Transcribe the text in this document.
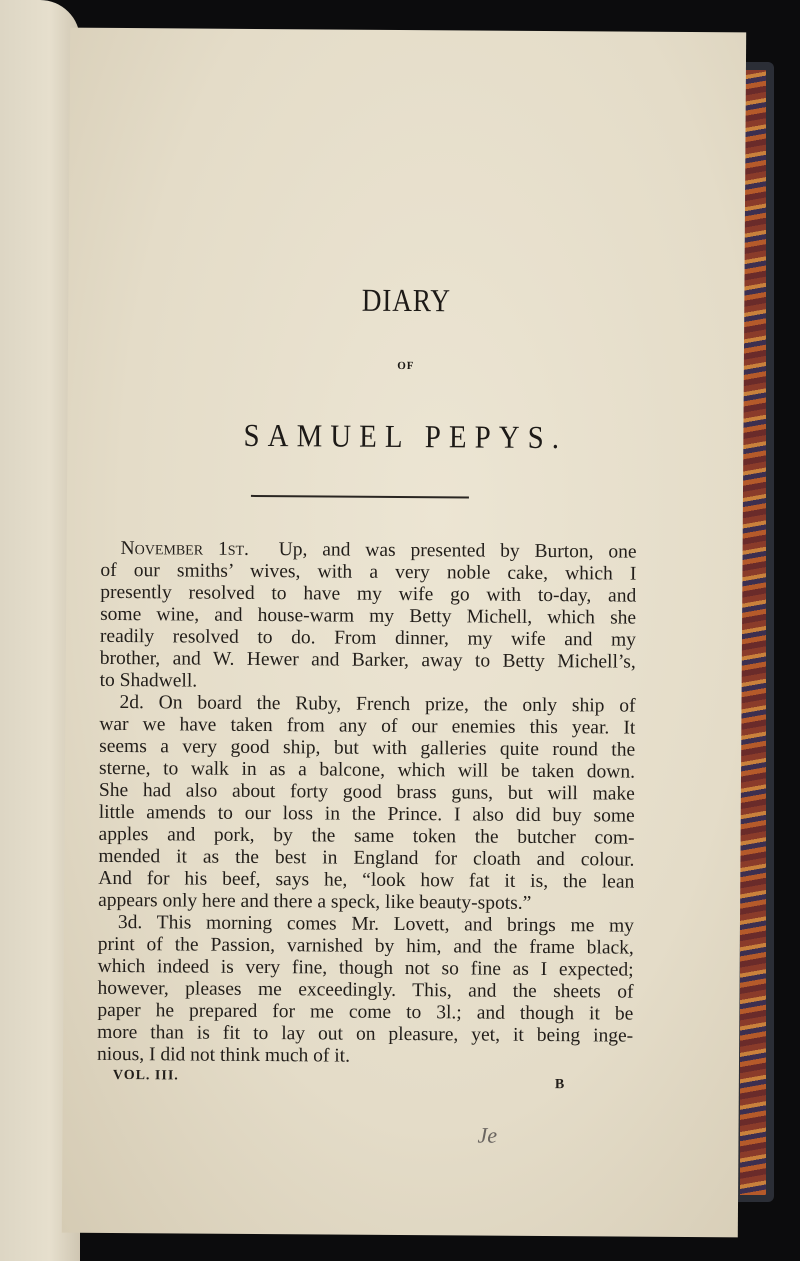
DIARY
OF
SAMUEL PEPYS.
November 1st. Up, and was presented by Burton, one
of our smiths’ wives, with a very noble cake, which I
presently resolved to have my wife go with to-day, and
some wine, and house-warm my Betty Michell, which she
readily resolved to do. From dinner, my wife and my
brother, and W. Hewer and Barker, away to Betty Michell’s,
to Shadwell.
2d. On board the Ruby, French prize, the only ship of
war we have taken from any of our enemies this year. It
seems a very good ship, but with galleries quite round the
sterne, to walk in as a balcone, which will be taken down.
She had also about forty good brass guns, but will make
little amends to our loss in the Prince. I also did buy some
apples and pork, by the same token the butcher com-
mended it as the best in England for cloath and colour.
And for his beef, says he, “look how fat it is, the lean
appears only here and there a speck, like beauty-spots.”
3d. This morning comes Mr. Lovett, and brings me my
print of the Passion, varnished by him, and the frame black,
which indeed is very fine, though not so fine as I expected;
however, pleases me exceedingly. This, and the sheets of
paper he prepared for me come to 3l.; and though it be
more than is fit to lay out on pleasure, yet, it being inge-
nious, I did not think much of it.
VOL. III.
B
Je
